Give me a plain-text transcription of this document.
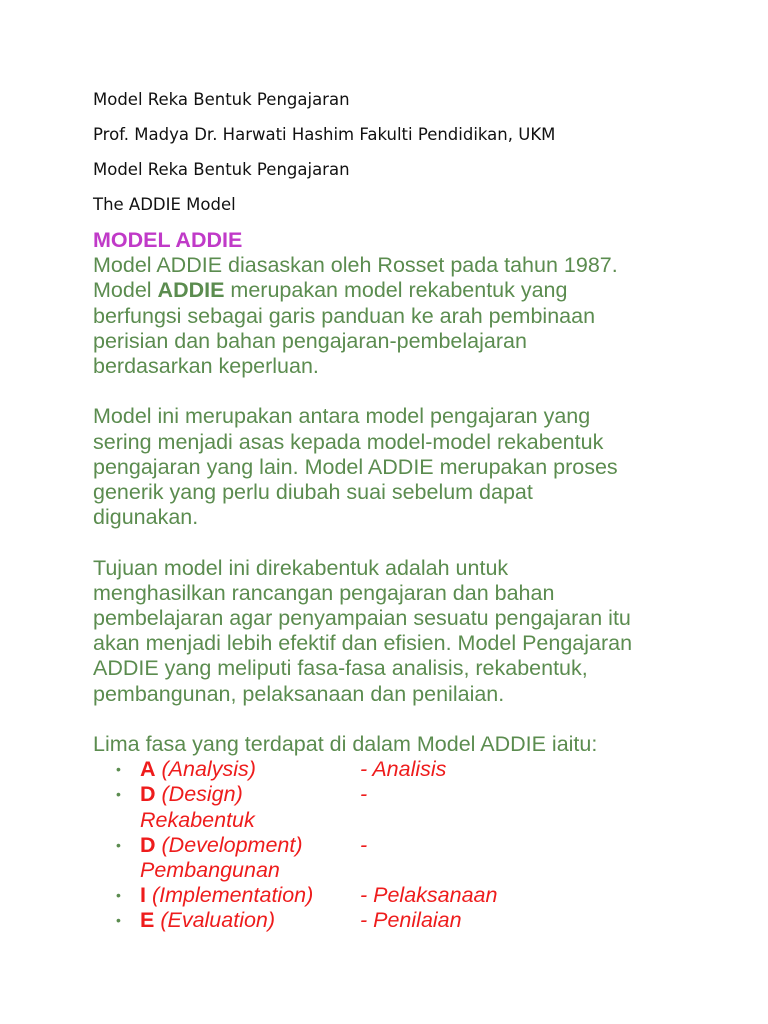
Model Reka Bentuk Pengajaran

Prof. Madya Dr. Harwati Hashim Fakulti Pendidikan, UKM

Model Reka Bentuk Pengajaran

The ADDIE Model

MODEL ADDIE

Model ADDIE diasaskan oleh Rosset pada tahun 1987.

Model ADDIE merupakan model rekabentuk yang

berfungsi sebagai garis panduan ke arah pembinaan

perisian dan bahan pengajaran-pembelajaran

berdasarkan keperluan.

Model ini merupakan antara model pengajaran yang

sering menjadi asas kepada model-model rekabentuk

pengajaran yang lain. Model ADDIE merupakan proses

generik yang perlu diubah suai sebelum dapat

digunakan.

Tujuan model ini direkabentuk adalah untuk

menghasilkan rancangan pengajaran dan bahan

pembelajaran agar penyampaian sesuatu pengajaran itu

akan menjadi lebih efektif dan efisien. Model Pengajaran

ADDIE yang meliputi fasa-fasa analisis, rekabentuk,

pembangunan, pelaksanaan dan penilaian.

Lima fasa yang terdapat di dalam Model ADDIE iaitu:

• A (Analysis)	- Analisis
• D (Design)	-
Rekabentuk
• D (Development)	-
Pembangunan
• I (Implementation)	- Pelaksanaan
• E (Evaluation)	- Penilaian
